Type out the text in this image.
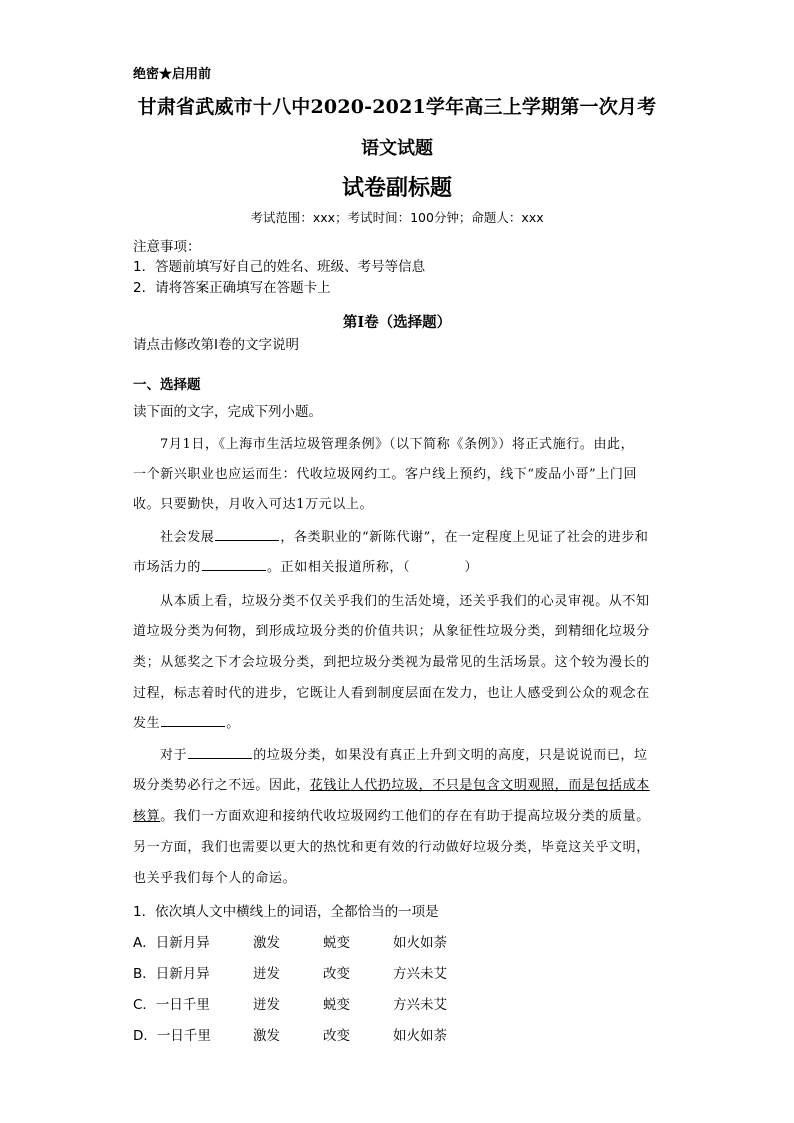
绝密★启用前
甘肃省武威市十八中2020-2021学年高三上学期第一次月考
语文试题
试卷副标题
考试范围：xxx；考试时间：100分钟；命题人：xxx
注意事项：
1．答题前填写好自己的姓名、班级、考号等信息
2．请将答案正确填写在答题卡上
第I卷（选择题）
请点击修改第I卷的文字说明
一、选择题
读下面的文字，完成下列小题。
7月1日，《上海市生活垃圾管理条例》（以下简称《条例》）将正式施行。由此，
一个新兴职业也应运而生：代收垃圾网约工。客户线上预约，线下“废品小哥”上门回
收。只要勤快，月收入可达1万元以上。
社会发展	，各类职业的“新陈代谢”，在一定程度上见证了社会的进步和
市场活力的	。正如相关报道所称，（　　　　）
从本质上看，垃圾分类不仅关乎我们的生活处境，还关乎我们的心灵审视。从不知
道垃圾分类为何物，到形成垃圾分类的价值共识；从象征性垃圾分类，到精细化垃圾分
类；从惩奖之下才会垃圾分类，到把垃圾分类视为最常见的生活场景。这个较为漫长的
过程，标志着时代的进步，它既让人看到制度层面在发力，也让人感受到公众的观念在
发生	。
对于	的垃圾分类，如果没有真正上升到文明的高度，只是说说而已，垃
圾分类势必行之不远。因此，花钱让人代扔垃圾，不只是包含文明观照，而是包括成本
核算。我们一方面欢迎和接纳代收垃圾网约工他们的存在有助于提高垃圾分类的质量。
另一方面，我们也需要以更大的热忱和更有效的行动做好垃圾分类，毕竟这关乎文明，
也关乎我们每个人的命运。
1．依次填人文中横线上的词语，全都恰当的一项是
A．日新月异	激发	蜕变	如火如荼
B．日新月异	迸发	改变	方兴未艾
C．一日千里	迸发	蜕变	方兴未艾
D．一日千里	激发	改变	如火如荼
